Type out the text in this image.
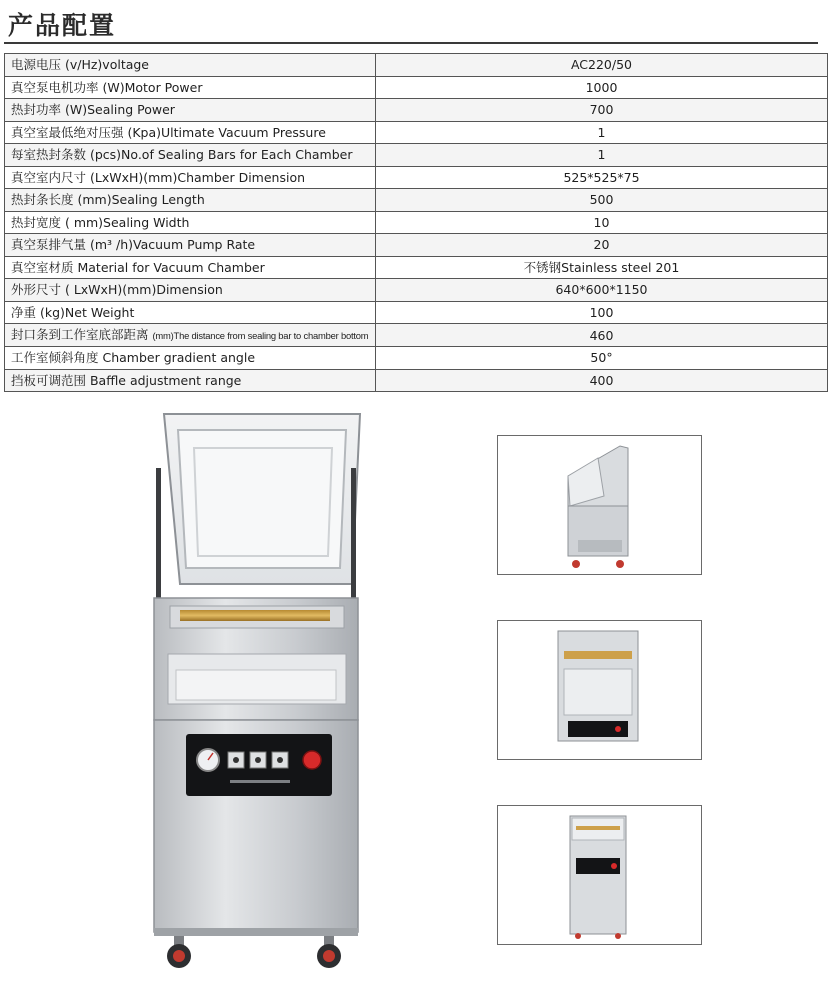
产品配置
电源电压 (v/Hz)voltage	AC220/50
真空泵电机功率 (W)Motor Power	1000
热封功率 (W)Sealing Power	700
真空室最低绝对压强 (Kpa)Ultimate Vacuum Pressure	1
每室热封条数 (pcs)No.of Sealing Bars for Each Chamber	1
真空室内尺寸 (LxWxH)(mm)Chamber Dimension	525*525*75
热封条长度 (mm)Sealing Length	500
热封宽度 ( mm)Sealing Width	10
真空泵排气量 (m³ /h)Vacuum Pump Rate	20
真空室材质 Material for Vacuum Chamber	不锈钢Stainless steel 201
外形尺寸 ( LxWxH)(mm)Dimension	640*600*1150
净重 (kg)Net Weight	100
封口条到工作室底部距离 (mm)The distance from sealing bar to chamber bottom	460
工作室倾斜角度 Chamber gradient angle	50°
挡板可调范围 Baffle adjustment range	400
